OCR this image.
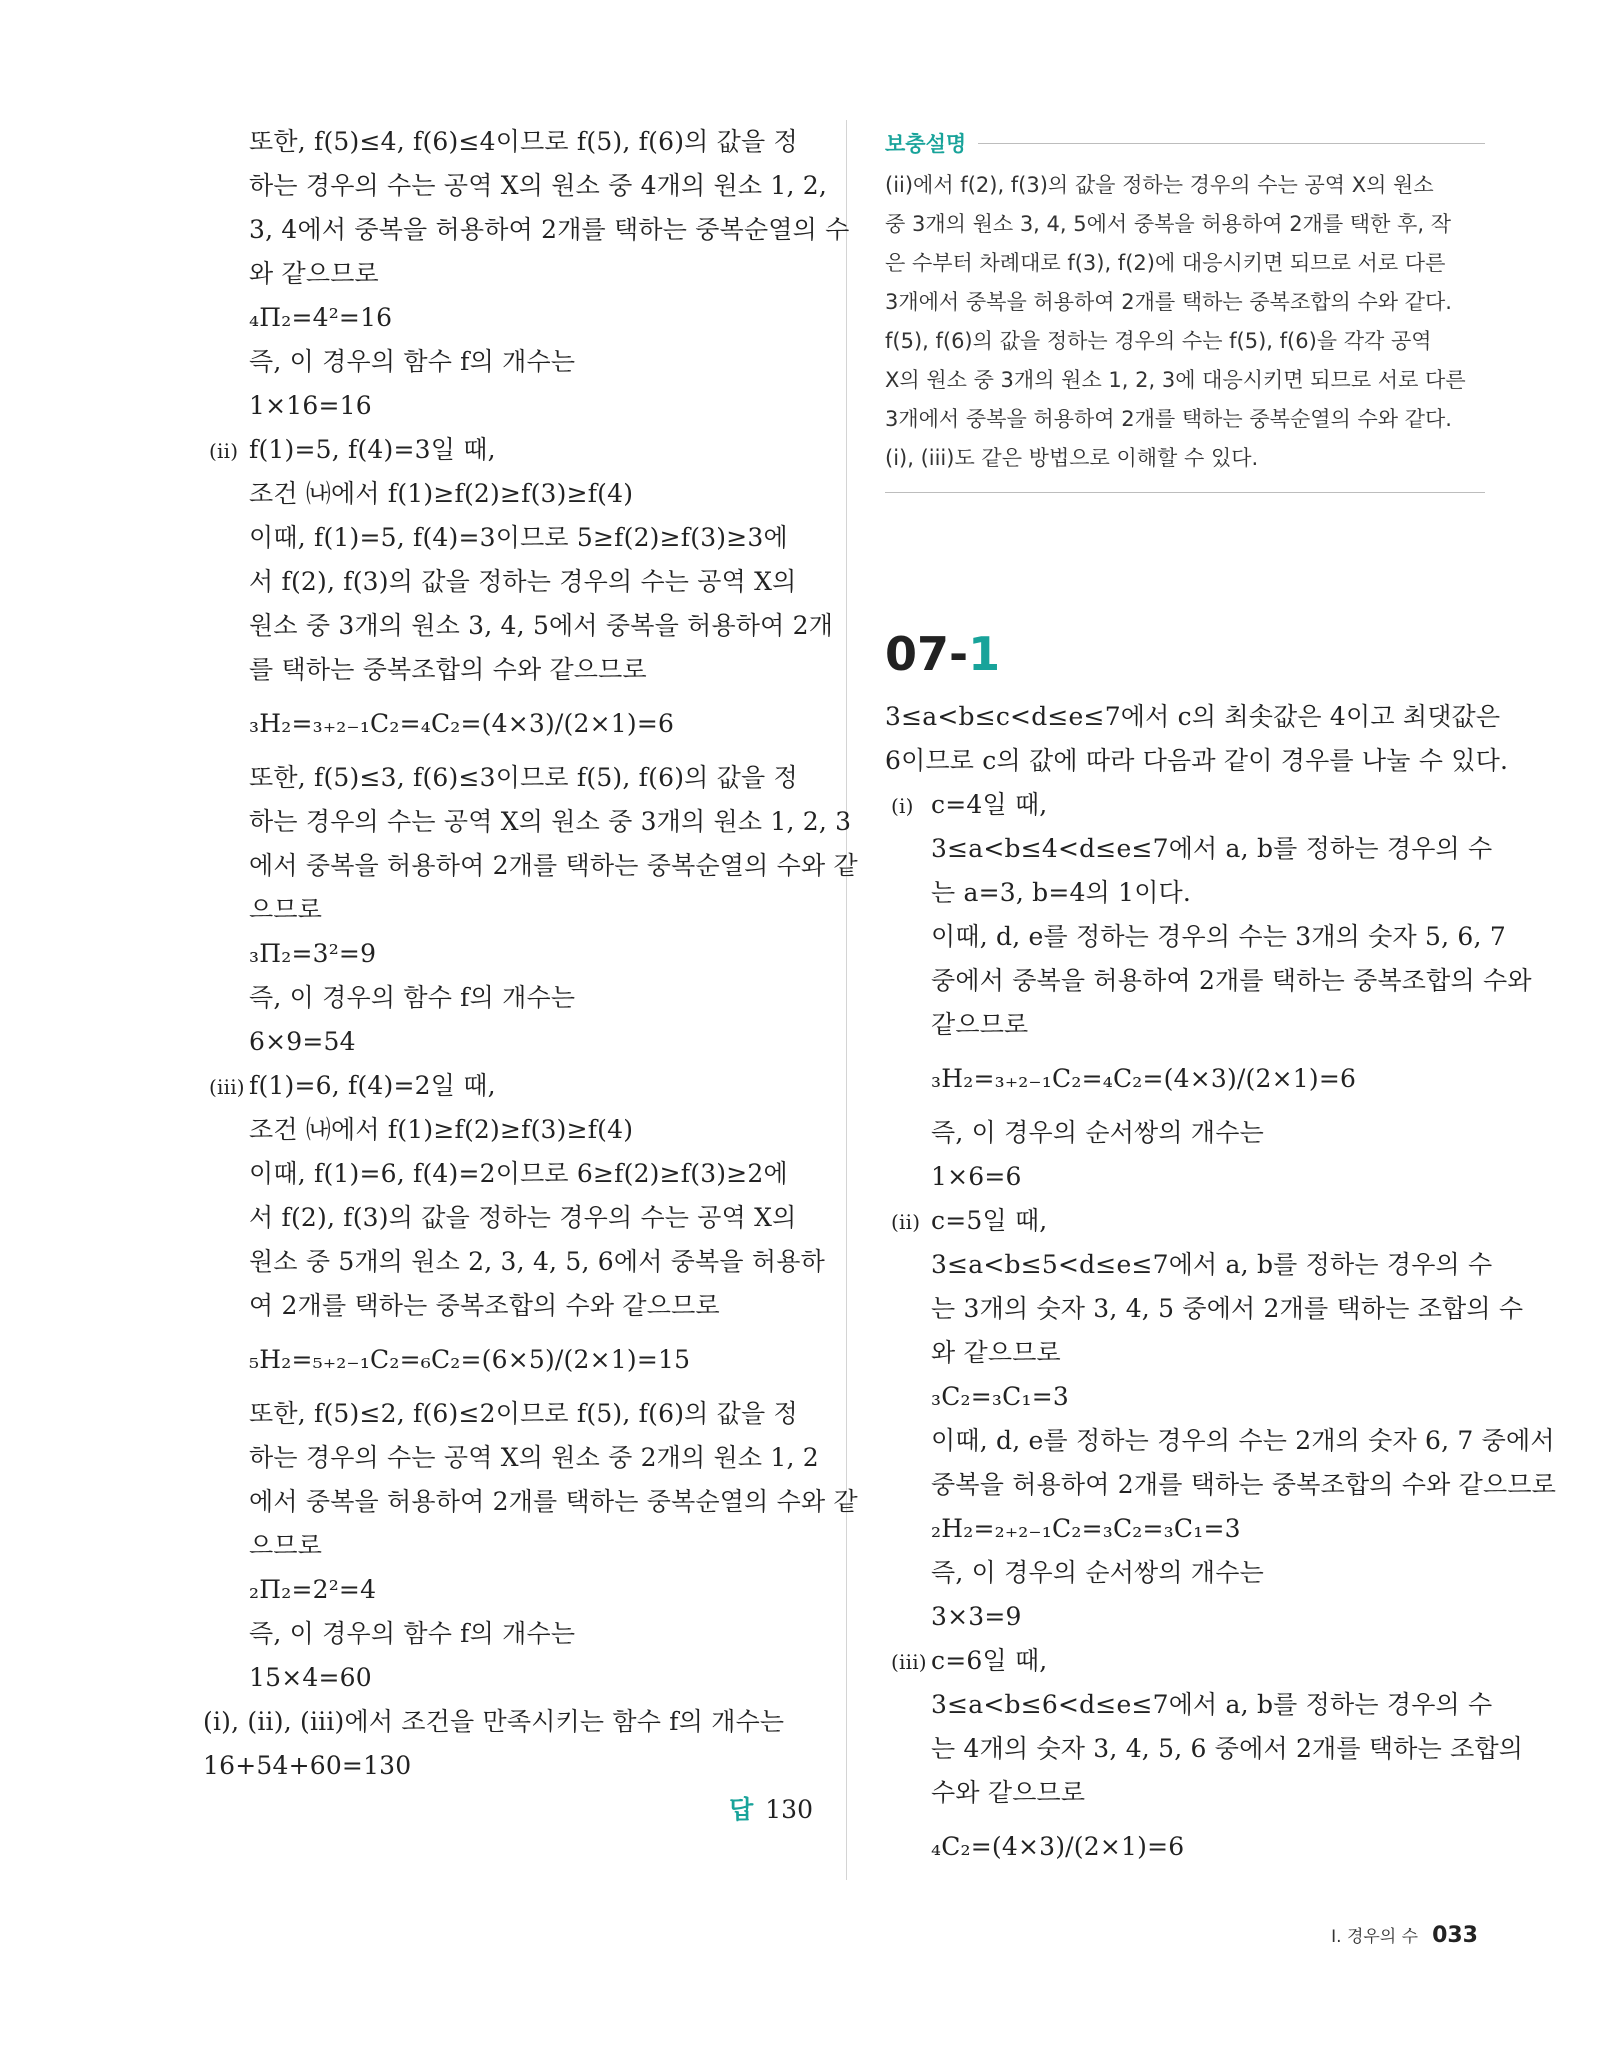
또한, f(5)≤4, f(6)≤4이므로 f(5), f(6)의 값을 정
하는 경우의 수는 공역 X의 원소 중 4개의 원소 1, 2,
3, 4에서 중복을 허용하여 2개를 택하는 중복순열의 수
와 같으므로
₄Π₂=4²=16
즉, 이 경우의 함수 f의 개수는
1×16=16
(ii) f(1)=5, f(4)=3일 때,
조건 ㈏에서 f(1)≥f(2)≥f(3)≥f(4)
이때, f(1)=5, f(4)=3이므로 5≥f(2)≥f(3)≥3에
서 f(2), f(3)의 값을 정하는 경우의 수는 공역 X의
원소 중 3개의 원소 3, 4, 5에서 중복을 허용하여 2개
를 택하는 중복조합의 수와 같으므로
₃H₂=₃₊₂₋₁C₂=₄C₂=(4×3)/(2×1)=6
또한, f(5)≤3, f(6)≤3이므로 f(5), f(6)의 값을 정
하는 경우의 수는 공역 X의 원소 중 3개의 원소 1, 2, 3
에서 중복을 허용하여 2개를 택하는 중복순열의 수와 같
으므로
₃Π₂=3²=9
즉, 이 경우의 함수 f의 개수는
6×9=54
(iii) f(1)=6, f(4)=2일 때,
조건 ㈏에서 f(1)≥f(2)≥f(3)≥f(4)
이때, f(1)=6, f(4)=2이므로 6≥f(2)≥f(3)≥2에
서 f(2), f(3)의 값을 정하는 경우의 수는 공역 X의
원소 중 5개의 원소 2, 3, 4, 5, 6에서 중복을 허용하
여 2개를 택하는 중복조합의 수와 같으므로
₅H₂=₅₊₂₋₁C₂=₆C₂=(6×5)/(2×1)=15
또한, f(5)≤2, f(6)≤2이므로 f(5), f(6)의 값을 정
하는 경우의 수는 공역 X의 원소 중 2개의 원소 1, 2
에서 중복을 허용하여 2개를 택하는 중복순열의 수와 같
으므로
₂Π₂=2²=4
즉, 이 경우의 함수 f의 개수는
15×4=60
(i), (ii), (iii)에서 조건을 만족시키는 함수 f의 개수는
16+54+60=130
답 130
보충설명
(ii)에서 f(2), f(3)의 값을 정하는 경우의 수는 공역 X의 원소
중 3개의 원소 3, 4, 5에서 중복을 허용하여 2개를 택한 후, 작
은 수부터 차례대로 f(3), f(2)에 대응시키면 되므로 서로 다른
3개에서 중복을 허용하여 2개를 택하는 중복조합의 수와 같다.
f(5), f(6)의 값을 정하는 경우의 수는 f(5), f(6)을 각각 공역
X의 원소 중 3개의 원소 1, 2, 3에 대응시키면 되므로 서로 다른
3개에서 중복을 허용하여 2개를 택하는 중복순열의 수와 같다.
(i), (iii)도 같은 방법으로 이해할 수 있다.
07-1
3≤a<b≤c<d≤e≤7에서 c의 최솟값은 4이고 최댓값은
6이므로 c의 값에 따라 다음과 같이 경우를 나눌 수 있다.
(i) c=4일 때,
3≤a<b≤4<d≤e≤7에서 a, b를 정하는 경우의 수
는 a=3, b=4의 1이다.
이때, d, e를 정하는 경우의 수는 3개의 숫자 5, 6, 7
중에서 중복을 허용하여 2개를 택하는 중복조합의 수와
같으므로
₃H₂=₃₊₂₋₁C₂=₄C₂=(4×3)/(2×1)=6
즉, 이 경우의 순서쌍의 개수는
1×6=6
(ii) c=5일 때,
3≤a<b≤5<d≤e≤7에서 a, b를 정하는 경우의 수
는 3개의 숫자 3, 4, 5 중에서 2개를 택하는 조합의 수
와 같으므로
₃C₂=₃C₁=3
이때, d, e를 정하는 경우의 수는 2개의 숫자 6, 7 중에서
중복을 허용하여 2개를 택하는 중복조합의 수와 같으므로
₂H₂=₂₊₂₋₁C₂=₃C₂=₃C₁=3
즉, 이 경우의 순서쌍의 개수는
3×3=9
(iii) c=6일 때,
3≤a<b≤6<d≤e≤7에서 a, b를 정하는 경우의 수
는 4개의 숫자 3, 4, 5, 6 중에서 2개를 택하는 조합의
수와 같으므로
₄C₂=(4×3)/(2×1)=6
I. 경우의 수 033
